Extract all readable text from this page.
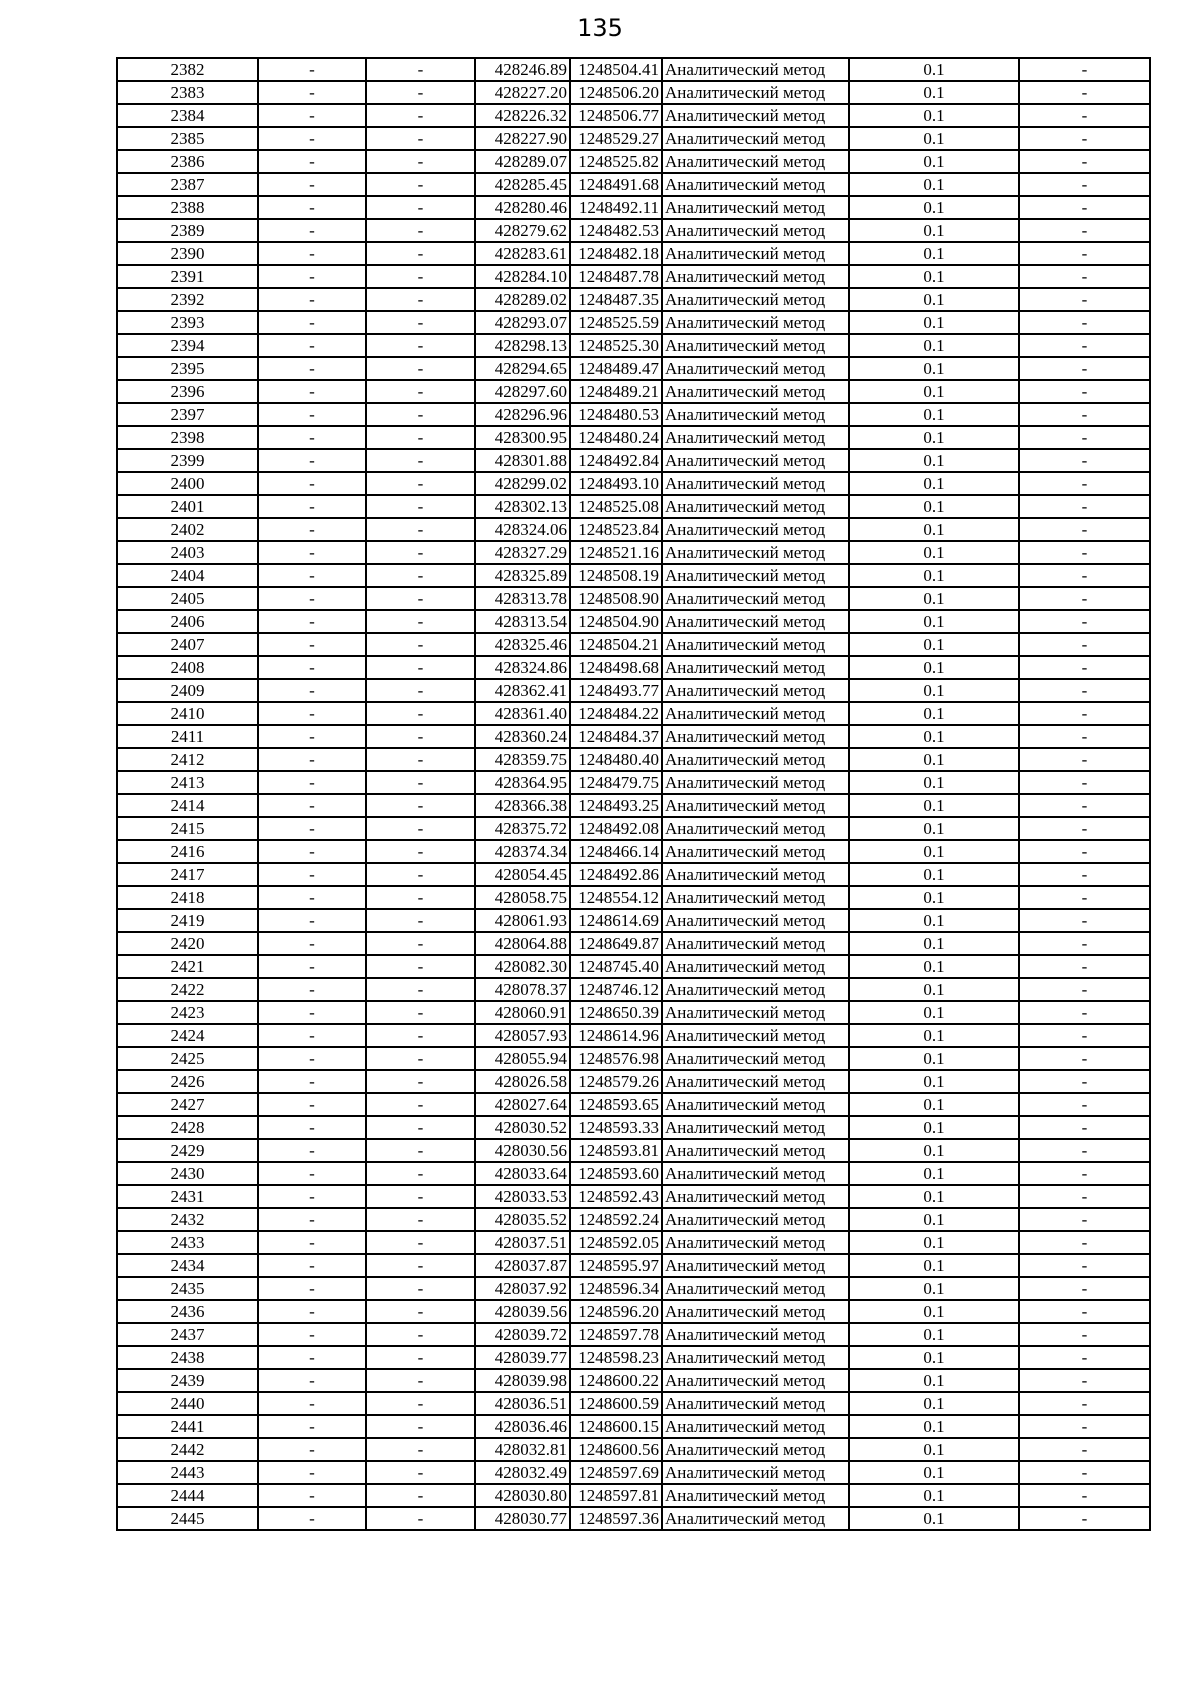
135
2382	-	-	428246.89	1248504.41	Аналитический метод	0.1	-
2383	-	-	428227.20	1248506.20	Аналитический метод	0.1	-
2384	-	-	428226.32	1248506.77	Аналитический метод	0.1	-
2385	-	-	428227.90	1248529.27	Аналитический метод	0.1	-
2386	-	-	428289.07	1248525.82	Аналитический метод	0.1	-
2387	-	-	428285.45	1248491.68	Аналитический метод	0.1	-
2388	-	-	428280.46	1248492.11	Аналитический метод	0.1	-
2389	-	-	428279.62	1248482.53	Аналитический метод	0.1	-
2390	-	-	428283.61	1248482.18	Аналитический метод	0.1	-
2391	-	-	428284.10	1248487.78	Аналитический метод	0.1	-
2392	-	-	428289.02	1248487.35	Аналитический метод	0.1	-
2393	-	-	428293.07	1248525.59	Аналитический метод	0.1	-
2394	-	-	428298.13	1248525.30	Аналитический метод	0.1	-
2395	-	-	428294.65	1248489.47	Аналитический метод	0.1	-
2396	-	-	428297.60	1248489.21	Аналитический метод	0.1	-
2397	-	-	428296.96	1248480.53	Аналитический метод	0.1	-
2398	-	-	428300.95	1248480.24	Аналитический метод	0.1	-
2399	-	-	428301.88	1248492.84	Аналитический метод	0.1	-
2400	-	-	428299.02	1248493.10	Аналитический метод	0.1	-
2401	-	-	428302.13	1248525.08	Аналитический метод	0.1	-
2402	-	-	428324.06	1248523.84	Аналитический метод	0.1	-
2403	-	-	428327.29	1248521.16	Аналитический метод	0.1	-
2404	-	-	428325.89	1248508.19	Аналитический метод	0.1	-
2405	-	-	428313.78	1248508.90	Аналитический метод	0.1	-
2406	-	-	428313.54	1248504.90	Аналитический метод	0.1	-
2407	-	-	428325.46	1248504.21	Аналитический метод	0.1	-
2408	-	-	428324.86	1248498.68	Аналитический метод	0.1	-
2409	-	-	428362.41	1248493.77	Аналитический метод	0.1	-
2410	-	-	428361.40	1248484.22	Аналитический метод	0.1	-
2411	-	-	428360.24	1248484.37	Аналитический метод	0.1	-
2412	-	-	428359.75	1248480.40	Аналитический метод	0.1	-
2413	-	-	428364.95	1248479.75	Аналитический метод	0.1	-
2414	-	-	428366.38	1248493.25	Аналитический метод	0.1	-
2415	-	-	428375.72	1248492.08	Аналитический метод	0.1	-
2416	-	-	428374.34	1248466.14	Аналитический метод	0.1	-
2417	-	-	428054.45	1248492.86	Аналитический метод	0.1	-
2418	-	-	428058.75	1248554.12	Аналитический метод	0.1	-
2419	-	-	428061.93	1248614.69	Аналитический метод	0.1	-
2420	-	-	428064.88	1248649.87	Аналитический метод	0.1	-
2421	-	-	428082.30	1248745.40	Аналитический метод	0.1	-
2422	-	-	428078.37	1248746.12	Аналитический метод	0.1	-
2423	-	-	428060.91	1248650.39	Аналитический метод	0.1	-
2424	-	-	428057.93	1248614.96	Аналитический метод	0.1	-
2425	-	-	428055.94	1248576.98	Аналитический метод	0.1	-
2426	-	-	428026.58	1248579.26	Аналитический метод	0.1	-
2427	-	-	428027.64	1248593.65	Аналитический метод	0.1	-
2428	-	-	428030.52	1248593.33	Аналитический метод	0.1	-
2429	-	-	428030.56	1248593.81	Аналитический метод	0.1	-
2430	-	-	428033.64	1248593.60	Аналитический метод	0.1	-
2431	-	-	428033.53	1248592.43	Аналитический метод	0.1	-
2432	-	-	428035.52	1248592.24	Аналитический метод	0.1	-
2433	-	-	428037.51	1248592.05	Аналитический метод	0.1	-
2434	-	-	428037.87	1248595.97	Аналитический метод	0.1	-
2435	-	-	428037.92	1248596.34	Аналитический метод	0.1	-
2436	-	-	428039.56	1248596.20	Аналитический метод	0.1	-
2437	-	-	428039.72	1248597.78	Аналитический метод	0.1	-
2438	-	-	428039.77	1248598.23	Аналитический метод	0.1	-
2439	-	-	428039.98	1248600.22	Аналитический метод	0.1	-
2440	-	-	428036.51	1248600.59	Аналитический метод	0.1	-
2441	-	-	428036.46	1248600.15	Аналитический метод	0.1	-
2442	-	-	428032.81	1248600.56	Аналитический метод	0.1	-
2443	-	-	428032.49	1248597.69	Аналитический метод	0.1	-
2444	-	-	428030.80	1248597.81	Аналитический метод	0.1	-
2445	-	-	428030.77	1248597.36	Аналитический метод	0.1	-
